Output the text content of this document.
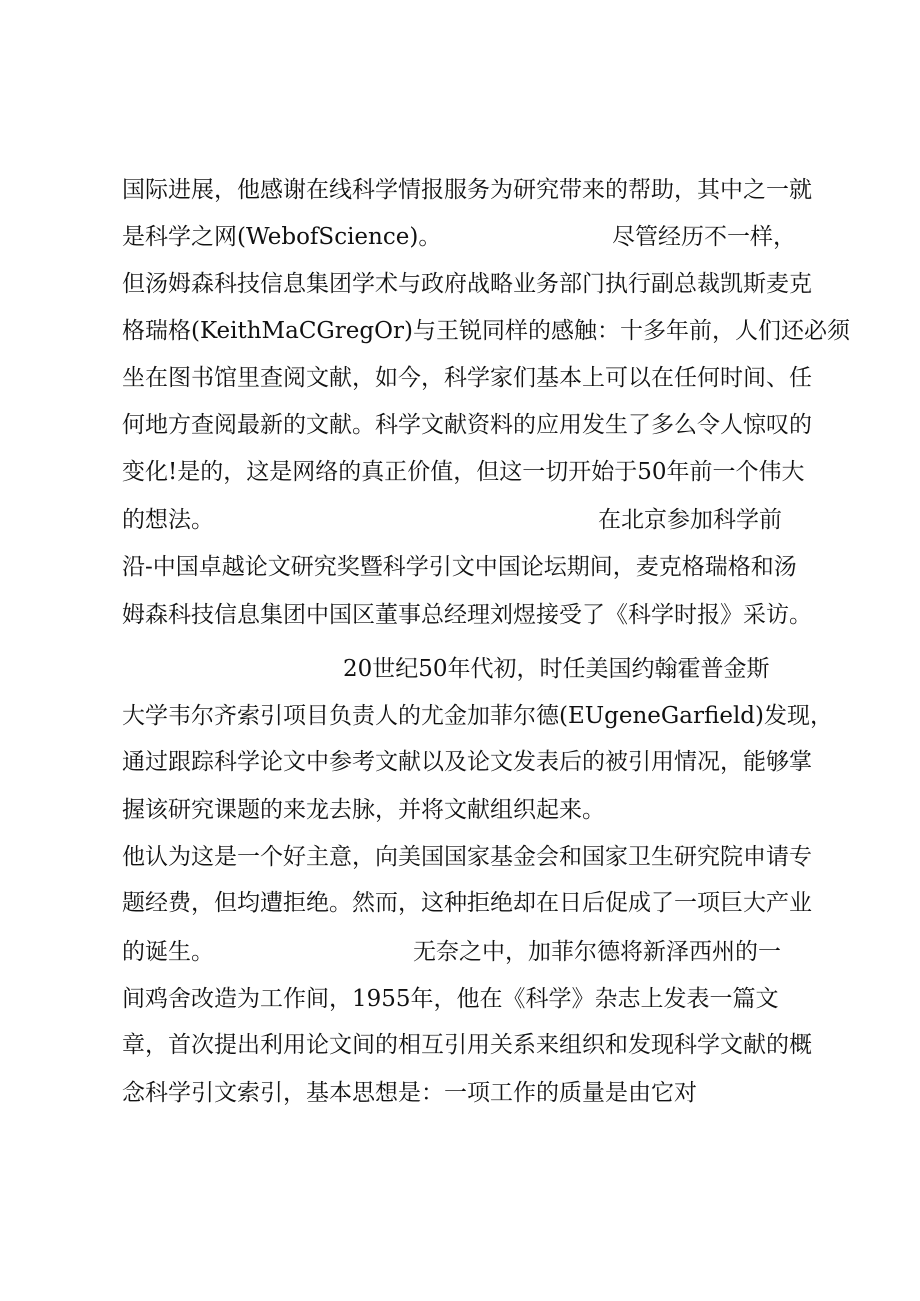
国际进展，他感谢在线科学情报服务为研究带来的帮助，其中之一就
是科学之网(WebofScience)。	尽管经历不一样，
但汤姆森科技信息集团学术与政府战略业务部门执行副总裁凯斯麦克
格瑞格(KeithMaCGregOr)与王锐同样的感触：十多年前，人们还必须
坐在图书馆里查阅文献，如今，科学家们基本上可以在任何时间、任
何地方查阅最新的文献。科学文献资料的应用发生了多么令人惊叹的
变化!是的，这是网络的真正价值，但这一切开始于50年前一个伟大
的想法。	在北京参加科学前
沿-中国卓越论文研究奖暨科学引文中国论坛期间，麦克格瑞格和汤
姆森科技信息集团中国区董事总经理刘煜接受了《科学时报》采访。
20世纪50年代初，时任美国约翰霍普金斯
大学韦尔齐索引项目负责人的尤金加菲尔德(EUgeneGarfield)发现，
通过跟踪科学论文中参考文献以及论文发表后的被引用情况，能够掌
握该研究课题的来龙去脉，并将文献组织起来。
他认为这是一个好主意，向美国国家基金会和国家卫生研究院申请专
题经费，但均遭拒绝。然而，这种拒绝却在日后促成了一项巨大产业
的诞生。	无奈之中，加菲尔德将新泽西州的一
间鸡舍改造为工作间，1955年，他在《科学》杂志上发表一篇文
章，首次提出利用论文间的相互引用关系来组织和发现科学文献的概
念科学引文索引，基本思想是：一项工作的质量是由它对
